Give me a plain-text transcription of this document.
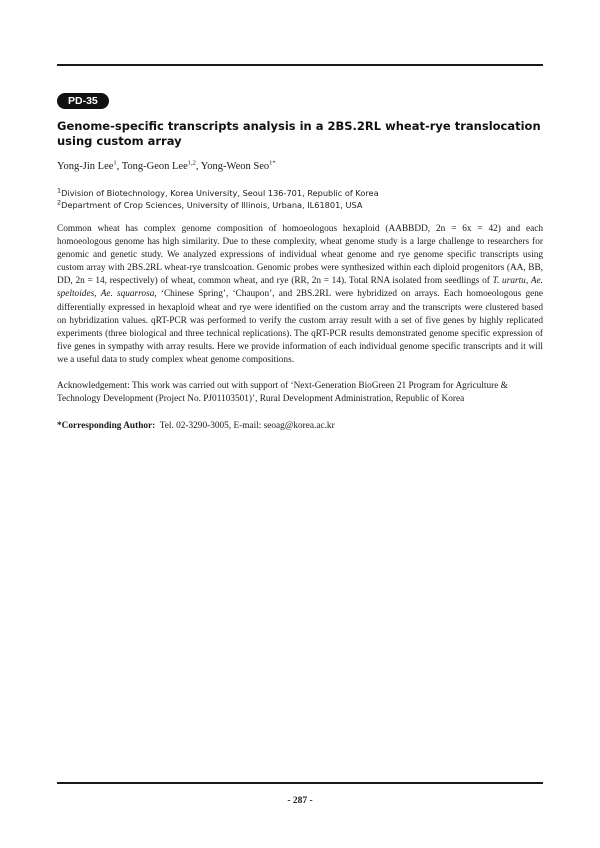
PD-35
Genome-specific transcripts analysis in a 2BS.2RL wheat-rye translocation using custom array
Yong-Jin Lee$^1$, Tong-Geon Lee$^{1,2}$, Yong-Weon Seo$^{1*}$
$^1$Division of Biotechnology, Korea University, Seoul 136-701, Republic of Korea
$^2$Department of Crop Sciences, University of Illinois, Urbana, IL61801, USA

Common wheat has complex genome composition of homoeologous hexaploid (AABBDD, 2n = 6x = 42) and each homoeologous genome has high similarity. Due to these complexity, wheat genome study is a large challenge to researchers for genomic and genetic study. We analyzed expressions of individual wheat genome and rye genome specific transcripts using custom array with 2BS.2RL wheat-rye translcoation. Genomic probes were synthesized within each diploid progenitors (AA, BB, DD, 2n = 14, respectively) of wheat, common wheat, and rye (RR, 2n = 14). Total RNA isolated from seedlings of T. urartu, Ae. speltoides, Ae. squarrosa, ‘Chinese Spring’, ‘Chaupon’, and 2BS.2RL were hybridized on arrays. Each homoeologous gene differentially expressed in hexaploid wheat and rye were identified on the custom array and the transcripts were clustered based on hybridization values. qRT-PCR was performed to verify the custom array result with a set of five genes by highly replicated experiments (three biological and three technical replications). The qRT-PCR results demonstrated genome specific expression of five genes in sympathy with array results. Here we provide information of each individual genome specific transcripts and it will we a useful data to study complex wheat genome compositions.

Acknowledgement: This work was carried out with support of ‘Next-Generation BioGreen 21 Program for Agriculture & Technology Development (Project No. PJ01103501)’, Rural Development Administration, Republic of Korea

*Corresponding Author:  Tel. 02-3290-3005, E-mail: seoag@korea.ac.kr
- 287 -
